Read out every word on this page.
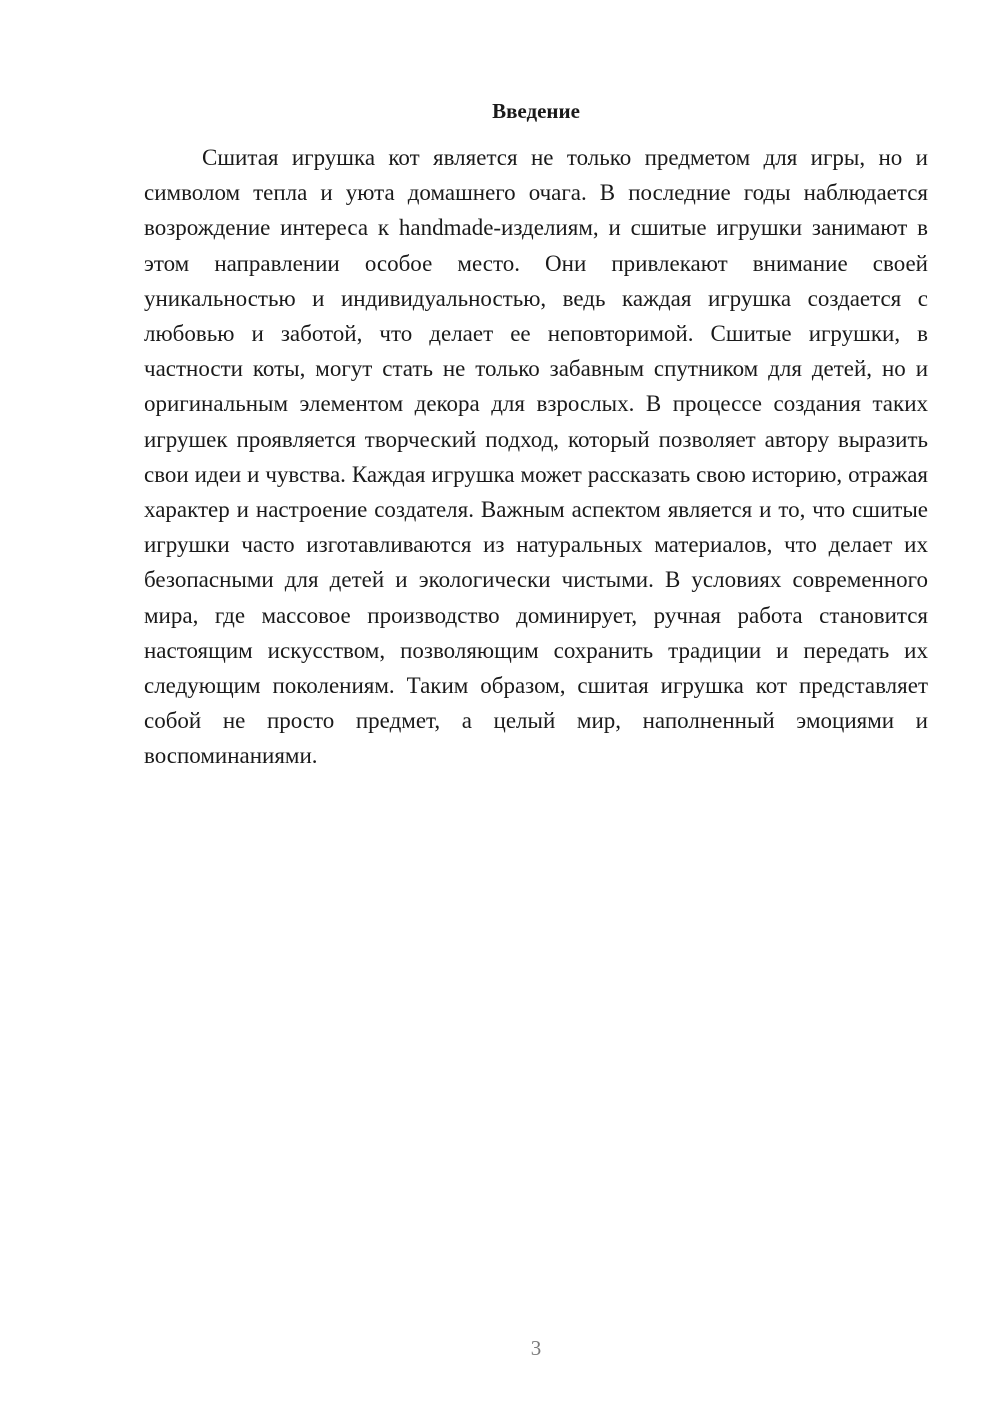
Введение

Сшитая игрушка кот является не только предметом для игры, но и символом тепла и уюта домашнего очага. В последние годы наблюдается возрождение интереса к handmade-изделиям, и сшитые игрушки занимают в этом направлении особое место. Они привлекают внимание своей уникальностью и индивидуальностью, ведь каждая игрушка создается с любовью и заботой, что делает ее неповторимой. Сшитые игрушки, в частности коты, могут стать не только забавным спутником для детей, но и оригинальным элементом декора для взрослых. В процессе создания таких игрушек проявляется творческий подход, который позволяет автору выразить свои идеи и чувства. Каждая игрушка может рассказать свою историю, отражая характер и настроение создателя. Важным аспектом является и то, что сшитые игрушки часто изготавливаются из натуральных материалов, что делает их безопасными для детей и экологически чистыми. В условиях современного мира, где массовое производство доминирует, ручная работа становится настоящим искусством, позволяющим сохранить традиции и передать их следующим поколениям. Таким образом, сшитая игрушка кот представляет собой не просто предмет, а целый мир, наполненный эмоциями и воспоминаниями.

3
